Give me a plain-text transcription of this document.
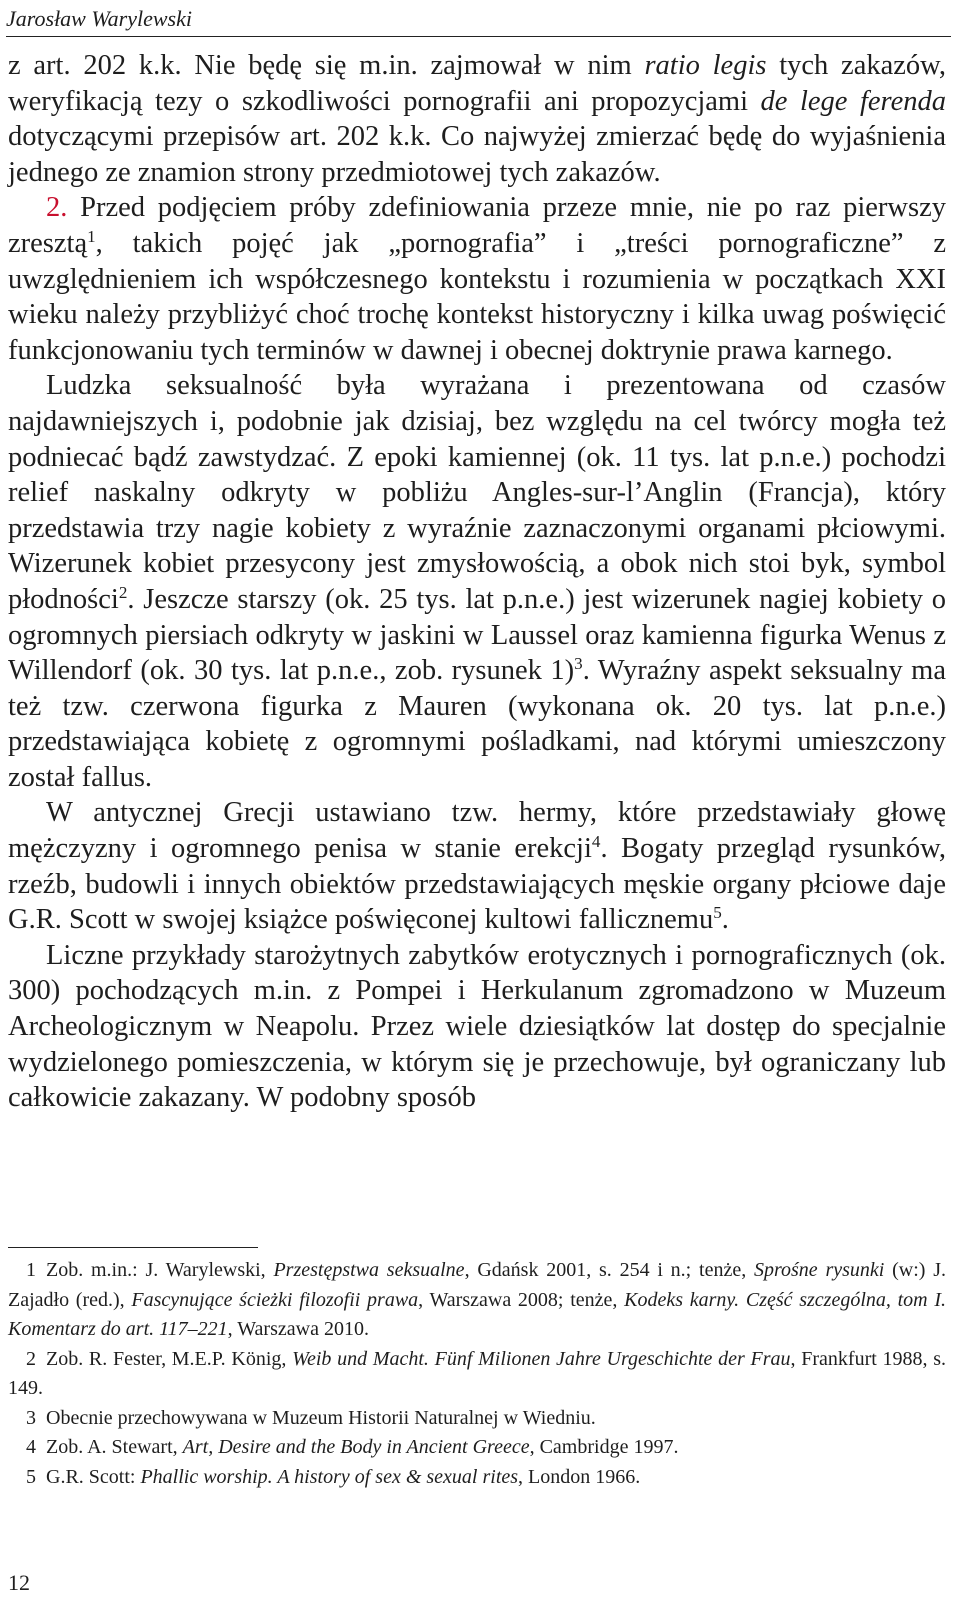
Jarosław Warylewski

z art. 202 k.k. Nie będę się m.in. zajmował w nim ratio legis tych zakazów, weryfikacją tezy o szkodliwości pornografii ani propozycjami de lege ferenda dotyczącymi przepisów art. 202 k.k. Co najwyżej zmierzać będę do wyjaśnienia jednego ze znamion strony przedmiotowej tych zakazów.

2. Przed podjęciem próby zdefiniowania przeze mnie, nie po raz pierwszy zresztą$^1$, takich pojęć jak „pornografia” i „treści pornograficzne” z uwzględnieniem ich współczesnego kontekstu i rozumienia w początkach XXI wieku należy przybliżyć choć trochę kontekst historyczny i kilka uwag poświęcić funkcjonowaniu tych terminów w dawnej i obecnej doktrynie prawa karnego.

Ludzka seksualność była wyrażana i prezentowana od czasów najdawniejszych i, podobnie jak dzisiaj, bez względu na cel twórcy mogła też podniecać bądź zawstydzać. Z epoki kamiennej (ok. 11 tys. lat p.n.e.) pochodzi relief naskalny odkryty w pobliżu Angles-sur-l’Anglin (Francja), który przedstawia trzy nagie kobiety z wyraźnie zaznaczonymi organami płciowymi. Wizerunek kobiet przesycony jest zmysłowością, a obok nich stoi byk, symbol płodności$^2$. Jeszcze starszy (ok. 25 tys. lat p.n.e.) jest wizerunek nagiej kobiety o ogromnych piersiach odkryty w jaskini w Laussel oraz kamienna figurka Wenus z Willendorf (ok. 30 tys. lat p.n.e., zob. rysunek 1)$^3$. Wyraźny aspekt seksualny ma też tzw. czerwona figurka z Mauren (wykonana ok. 20 tys. lat p.n.e.) przedstawiająca kobietę z ogromnymi pośladkami, nad którymi umieszczony został fallus.

W antycznej Grecji ustawiano tzw. hermy, które przedstawiały głowę mężczyzny i ogromnego penisa w stanie erekcji$^4$. Bogaty przegląd rysunków, rzeźb, budowli i innych obiektów przedstawiających męskie organy płciowe daje G.R. Scott w swojej książce poświęconej kultowi fallicznemu$^5$.

Liczne przykłady starożytnych zabytków erotycznych i pornograficznych (ok. 300) pochodzących m.in. z Pompei i Herkulanum zgromadzono w Muzeum Archeologicznym w Neapolu. Przez wiele dziesiątków lat dostęp do specjalnie wydzielonego pomieszczenia, w którym się je przechowuje, był ograniczany lub całkowicie zakazany. W podobny sposób

1 Zob. m.in.: J. Warylewski, Przestępstwa seksualne, Gdańsk 2001, s. 254 i n.; tenże, Sprośne rysunki (w:) J. Zajadło (red.), Fascynujące ścieżki filozofii prawa, Warszawa 2008; tenże, Kodeks karny. Część szczególna, tom I. Komentarz do art. 117–221, Warszawa 2010.

2 Zob. R. Fester, M.E.P. König, Weib und Macht. Fünf Milionen Jahre Urgeschichte der Frau, Frankfurt 1988, s. 149.

3 Obecnie przechowywana w Muzeum Historii Naturalnej w Wiedniu.

4 Zob. A. Stewart, Art, Desire and the Body in Ancient Greece, Cambridge 1997.

5 G.R. Scott: Phallic worship. A history of sex & sexual rites, London 1966.

12
